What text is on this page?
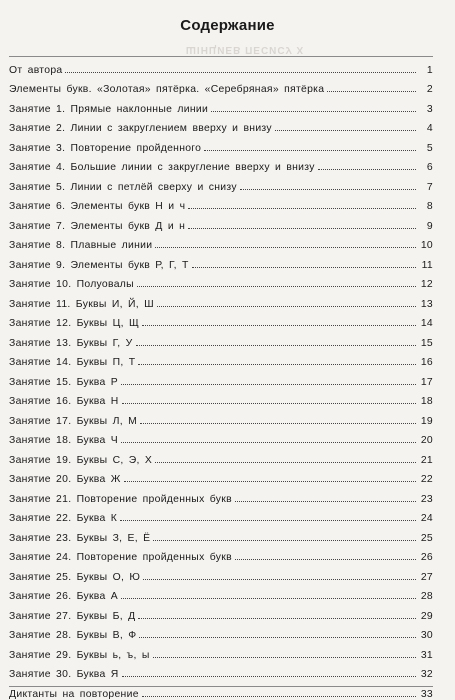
Содержание
ШІНЦИЕВ ПЕСИСУ Х
От автора	1
Элементы букв. «Золотая» пятёрка. «Серебряная» пятёрка	2
Занятие 1. Прямые наклонные линии	3
Занятие 2. Линии с закруглением вверху и внизу	4
Занятие 3. Повторение пройденного	5
Занятие 4. Большие линии с закругление вверху и внизу	6
Занятие 5. Линии с петлёй сверху и снизу	7
Занятие 6. Элементы букв Н и ч	8
Занятие 7. Элементы букв Д и н	9
Занятие 8. Плавные линии	10
Занятие 9. Элементы букв Р, Г, Т	11
Занятие 10. Полуовалы	12
Занятие 11. Буквы И, Й, Ш	13
Занятие 12. Буквы Ц, Щ	14
Занятие 13. Буквы Г, У	15
Занятие 14. Буквы П, Т	16
Занятие 15. Буква Р	17
Занятие 16. Буква Н	18
Занятие 17. Буквы Л, М	19
Занятие 18. Буква Ч	20
Занятие 19. Буквы С, Э, Х	21
Занятие 20. Буква Ж	22
Занятие 21. Повторение пройденных букв	23
Занятие 22. Буква К	24
Занятие 23. Буквы З, Е, Ё	25
Занятие 24. Повторение пройденных букв	26
Занятие 25. Буквы О, Ю	27
Занятие 26. Буква А	28
Занятие 27. Буквы Б, Д	29
Занятие 28. Буквы В, Ф	30
Занятие 29. Буквы ь, ъ, ы	31
Занятие 30. Буква Я	32
Диктанты на повторение	33
